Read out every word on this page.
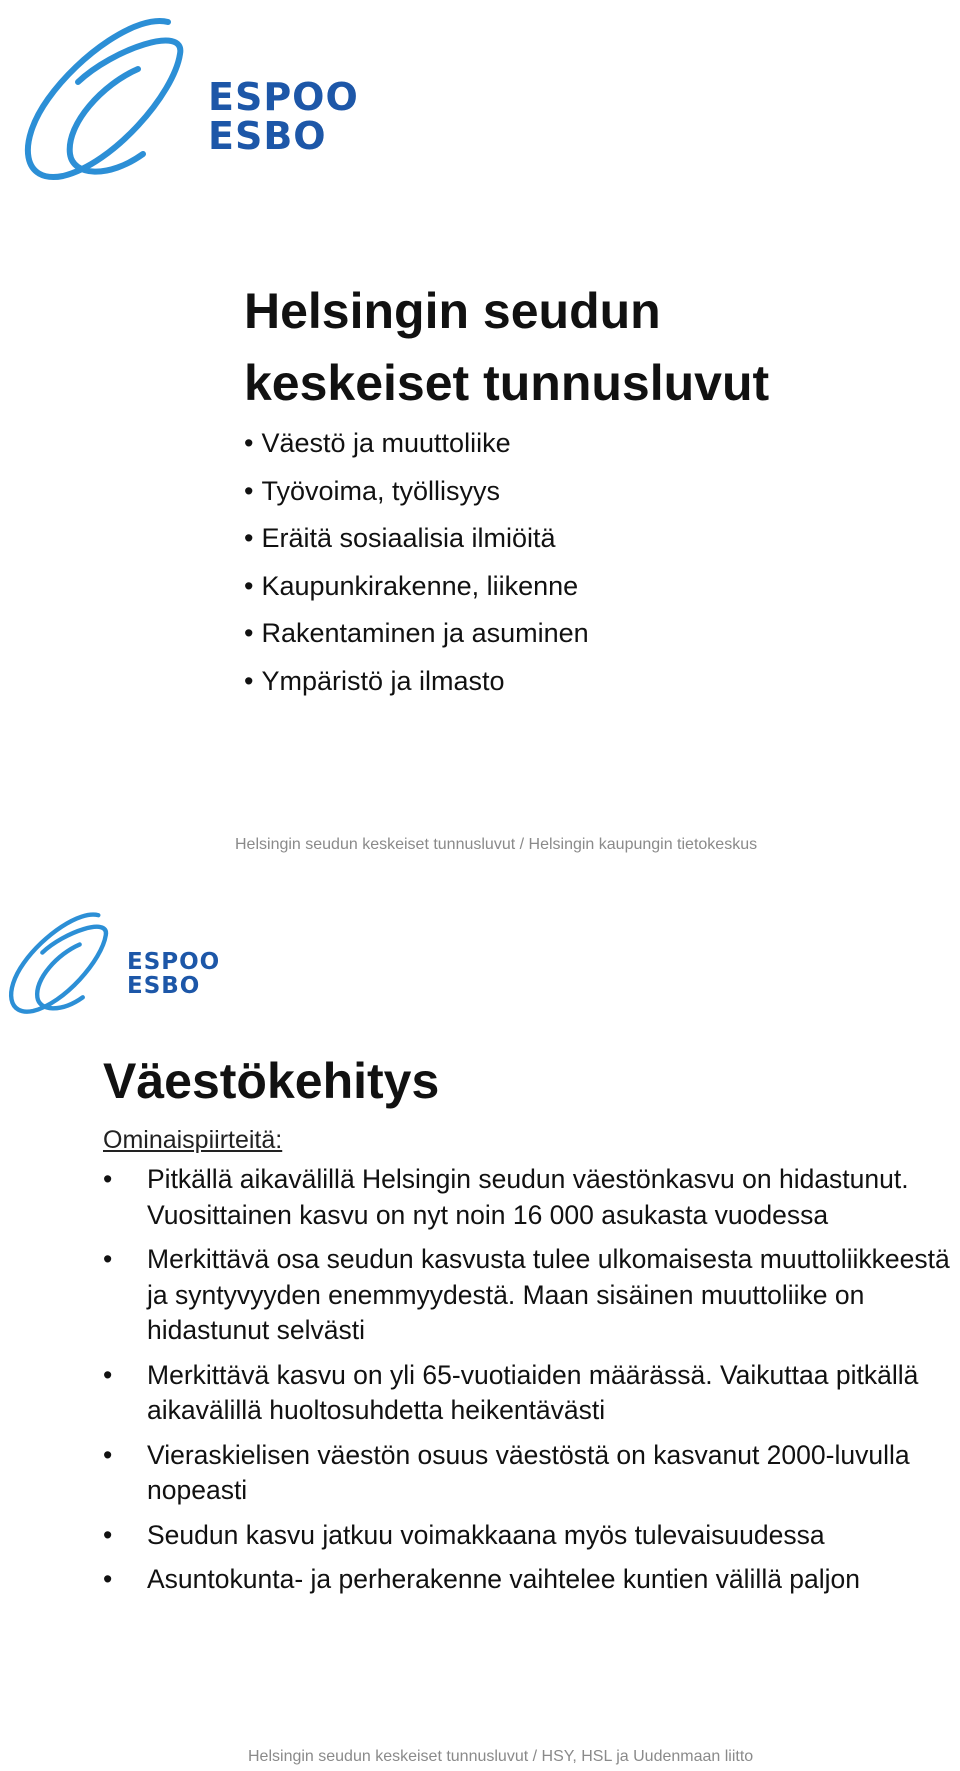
ESPOO
ESBO
Helsingin seudun
keskeiset tunnusluvut
• Väestö ja muuttoliike
• Työvoima, työllisyys
• Eräitä sosiaalisia ilmiöitä
• Kaupunkirakenne, liikenne
• Rakentaminen ja asuminen
• Ympäristö ja ilmasto
Helsingin seudun keskeiset tunnusluvut / Helsingin kaupungin tietokeskus
ESPOO
ESBO
Väestökehitys
Ominaispiirteitä:
• Pitkällä aikavälillä Helsingin seudun väestönkasvu on hidastunut. Vuosittainen kasvu on nyt noin 16 000 asukasta vuodessa
• Merkittävä osa seudun kasvusta tulee ulkomaisesta muuttoliikkeestä ja syntyvyyden enemmyydestä. Maan sisäinen muuttoliike on hidastunut selvästi
• Merkittävä kasvu on yli 65-vuotiaiden määrässä. Vaikuttaa pitkällä aikavälillä huoltosuhdetta heikentävästi
• Vieraskielisen väestön osuus väestöstä on kasvanut 2000-luvulla nopeasti
• Seudun kasvu jatkuu voimakkaana myös tulevaisuudessa
• Asuntokunta- ja perherakenne vaihtelee kuntien välillä paljon
Helsingin seudun keskeiset tunnusluvut / HSY, HSL ja Uudenmaan liitto
